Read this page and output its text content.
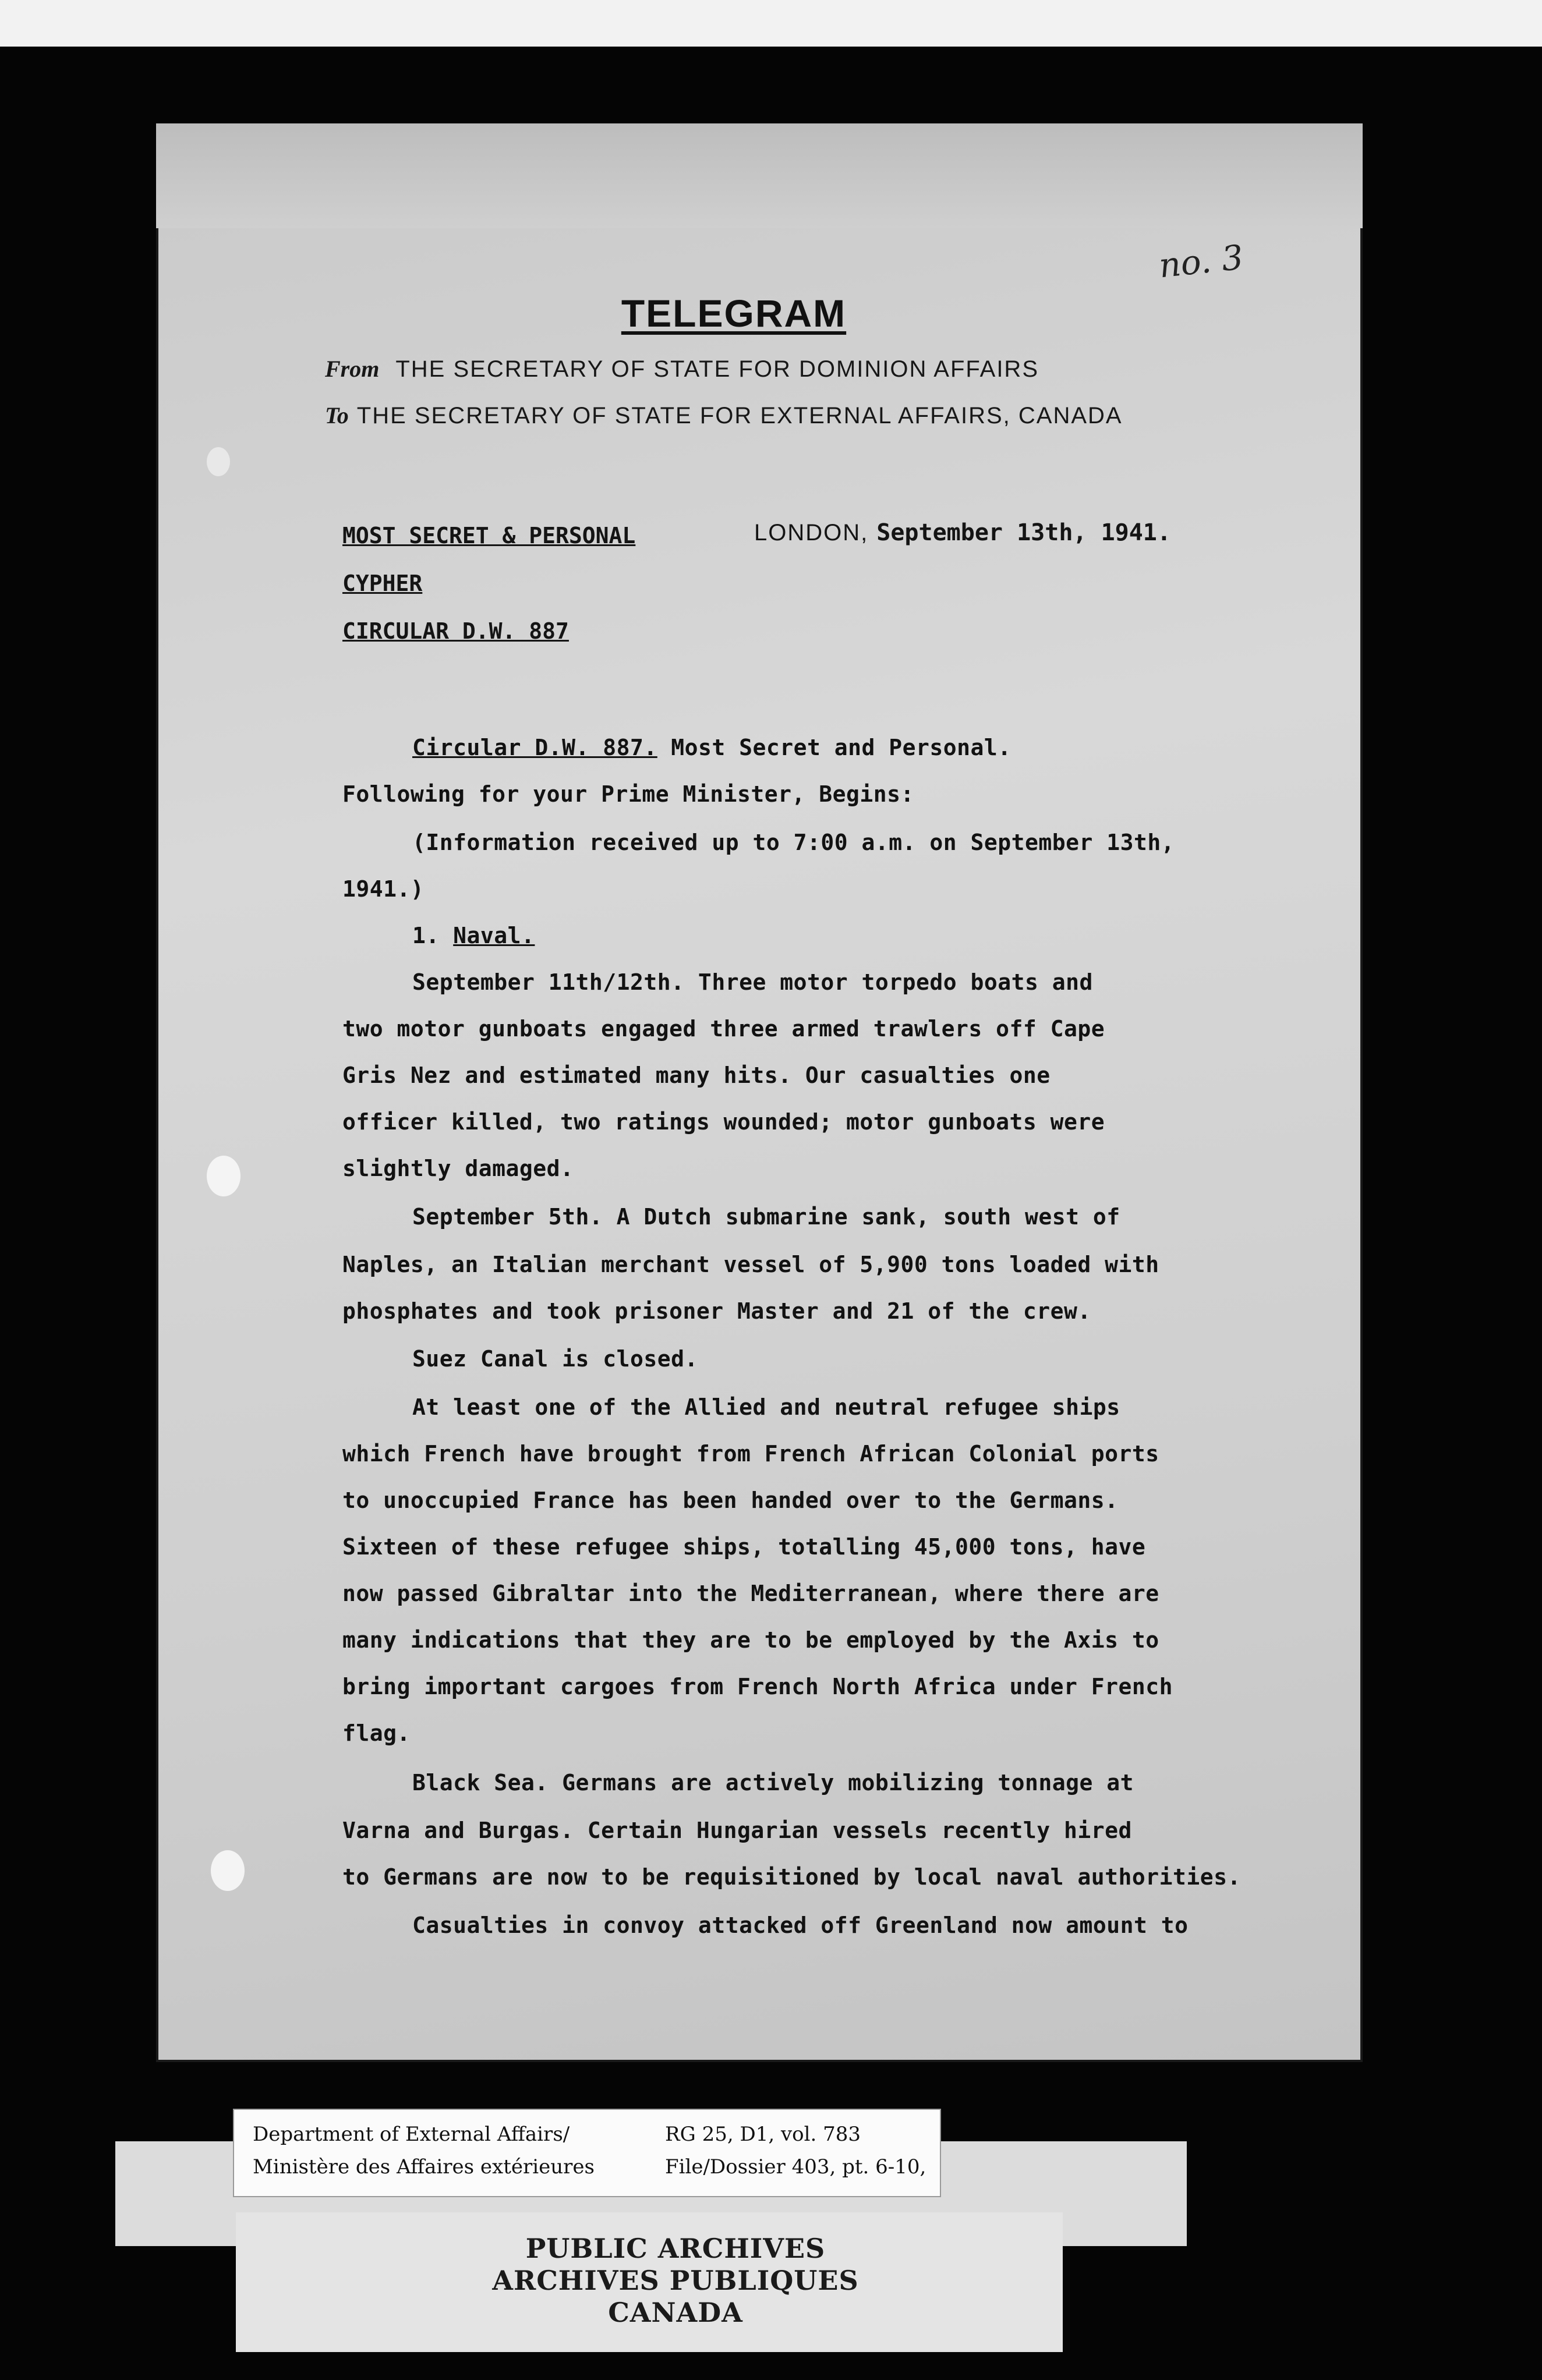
no. 3
TELEGRAM
From THE SECRETARY OF STATE FOR DOMINION AFFAIRS
To THE SECRETARY OF STATE FOR EXTERNAL AFFAIRS, CANADA
MOST SECRET & PERSONAL
CYPHER
CIRCULAR D.W. 887
LONDON, September 13th, 1941.
Circular D.W. 887. Most Secret and Personal.
Following for your Prime Minister, Begins:
(Information received up to 7:00 a.m. on September 13th,
1941.)
1. Naval.
September 11th/12th. Three motor torpedo boats and
two motor gunboats engaged three armed trawlers off Cape
Gris Nez and estimated many hits. Our casualties one
officer killed, two ratings wounded; motor gunboats were
slightly damaged.
September 5th. A Dutch submarine sank, south west of
Naples, an Italian merchant vessel of 5,900 tons loaded with
phosphates and took prisoner Master and 21 of the crew.
Suez Canal is closed.
At least one of the Allied and neutral refugee ships
which French have brought from French African Colonial ports
to unoccupied France has been handed over to the Germans.
Sixteen of these refugee ships, totalling 45,000 tons, have
now passed Gibraltar into the Mediterranean, where there are
many indications that they are to be employed by the Axis to
bring important cargoes from French North Africa under French
flag.
Black Sea. Germans are actively mobilizing tonnage at
Varna and Burgas. Certain Hungarian vessels recently hired
to Germans are now to be requisitioned by local naval authorities.
Casualties in convoy attacked off Greenland now amount to
Department of External Affairs/
Ministère des Affaires extérieures
RG 25, D1, vol. 783
File/Dossier 403, pt. 6-10,
PUBLIC ARCHIVES
ARCHIVES PUBLIQUES
CANADA
